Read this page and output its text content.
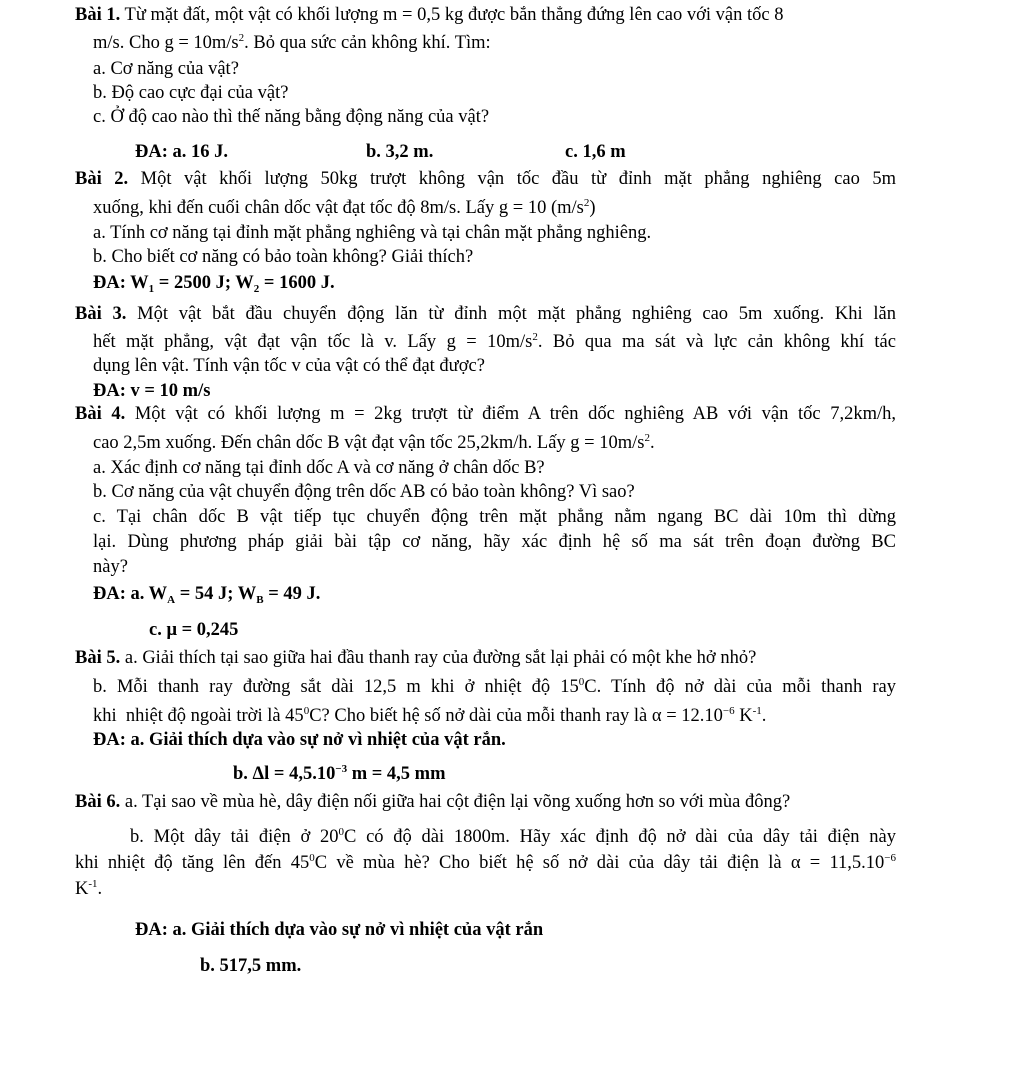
Bài 1. Từ mặt đất, một vật có khối lượng m = 0,5 kg được bắn thẳng đứng lên cao với vận tốc 8
m/s. Cho $g = 10m/s^2$. Bỏ qua sức cản không khí. Tìm:
a. Cơ năng của vật?
b. Độ cao cực đại của vật?
c. Ở độ cao nào thì thế năng bằng động năng của vật?
ĐA: a. 16 J.	b. 3,2 m.	c. 1,6 m
Bài 2. Một vật khối lượng 50kg trượt không vận tốc đầu từ đỉnh mặt phẳng nghiêng cao 5m
xuống, khi đến cuối chân dốc vật đạt tốc độ 8m/s. Lấy g = 10 $(m/s^2)$
a. Tính cơ năng tại đỉnh mặt phẳng nghiêng và tại chân mặt phẳng nghiêng.
b. Cho biết cơ năng có bảo toàn không? Giải thích?
ĐA: $W_1 = 2500$ J; $W_2 = 1600$ J.
Bài 3. Một vật bắt đầu chuyển động lăn từ đỉnh một mặt phẳng nghiêng cao 5m xuống. Khi lăn
hết mặt phẳng, vật đạt vận tốc là v. Lấy $g = 10m/s^2$. Bỏ qua ma sát và lực cản không khí tác
dụng lên vật. Tính vận tốc v của vật có thể đạt được?
ĐA: v = 10 m/s
Bài 4. Một vật có khối lượng m = 2kg trượt từ điểm A trên dốc nghiêng AB với vận tốc 7,2km/h,
cao 2,5m xuống. Đến chân dốc B vật đạt vận tốc 25,2km/h. Lấy $g = 10m/s^2$.
a. Xác định cơ năng tại đỉnh dốc A và cơ năng ở chân dốc B?
b. Cơ năng của vật chuyển động trên dốc AB có bảo toàn không? Vì sao?
c. Tại chân dốc B vật tiếp tục chuyển động trên mặt phẳng nằm ngang BC dài 10m thì dừng
lại. Dùng phương pháp giải bài tập cơ năng, hãy xác định hệ số ma sát trên đoạn đường BC
này?
ĐA: a. $W_A = 54$ J; $W_B = 49$ J.
c. μ = 0,245
Bài 5. a. Giải thích tại sao giữa hai đầu thanh ray của đường sắt lại phải có một khe hở nhỏ?
b. Mỗi thanh ray đường sắt dài 12,5 m khi ở nhiệt độ $15^0C$. Tính độ nở dài của mỗi thanh ray
khi  nhiệt độ ngoài trời là $45^0C$? Cho biết hệ số nở dài của mỗi thanh ray là $\alpha = 12.10^{-6}$ $K^{-1}$.
ĐA: a. Giải thích dựa vào sự nở vì nhiệt của vật rắn.
b. $\Delta l = 4,5.10^{-3}$ m = 4,5 mm
Bài 6. a. Tại sao về mùa hè, dây điện nối giữa hai cột điện lại võng xuống hơn so với mùa đông?
b. Một dây tải điện ở $20^0C$ có độ dài 1800m. Hãy xác định độ nở dài của dây tải điện này
khi nhiệt độ tăng lên đến $45^0C$ về mùa hè? Cho biết hệ số nở dài của dây tải điện là $\alpha = 11,5.10^{-6}$
$K^{-1}$.
ĐA: a. Giải thích dựa vào sự nở vì nhiệt của vật rắn
b. 517,5 mm.
